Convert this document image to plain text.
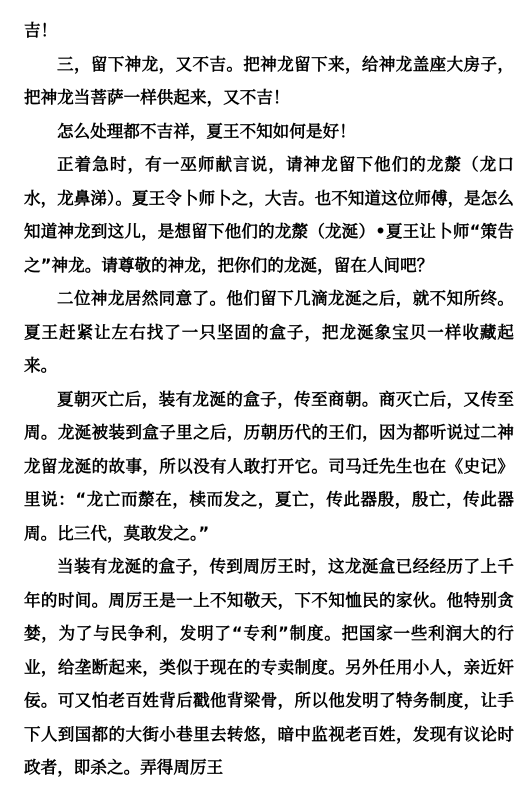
吉！

三，留下神龙，又不吉。把神龙留下来，给神龙盖座大房子，把神龙当菩萨一样供起来，又不吉！

怎么处理都不吉祥，夏王不知如何是好！

正着急时，有一巫师献言说，请神龙留下他们的龙漦（龙口水，龙鼻涕）。夏王令卜师卜之，大吉。也不知道这位师傅，是怎么知道神龙到这儿，是想留下他们的龙漦（龙涎）•夏王让卜师“策告之”神龙。请尊敬的神龙，把你们的龙涎，留在人间吧？

二位神龙居然同意了。他们留下几滴龙涎之后，就不知所终。夏王赶紧让左右找了一只坚固的盒子，把龙涎象宝贝一样收藏起来。

夏朝灭亡后，装有龙涎的盒子，传至商朝。商灭亡后，又传至周。龙涎被装到盒子里之后，历朝历代的王们，因为都听说过二神龙留龙涎的故事，所以没有人敢打开它。司马迁先生也在《史记》里说：“龙亡而漦在，椟而发之，夏亡，传此器殷，殷亡，传此器周。比三代，莫敢发之。”

当装有龙涎的盒子，传到周厉王时，这龙涎盒已经经历了上千年的时间。周厉王是一上不知敬天，下不知恤民的家伙。他特别贪婪，为了与民争利，发明了“专利”制度。把国家一些利润大的行业，给垄断起来，类似于现在的专卖制度。另外任用小人，亲近奸佞。可又怕老百姓背后戳他背梁骨，所以他发明了特务制度，让手下人到国都的大街小巷里去转悠，暗中监视老百姓，发现有议论时政者，即杀之。弄得周厉王
